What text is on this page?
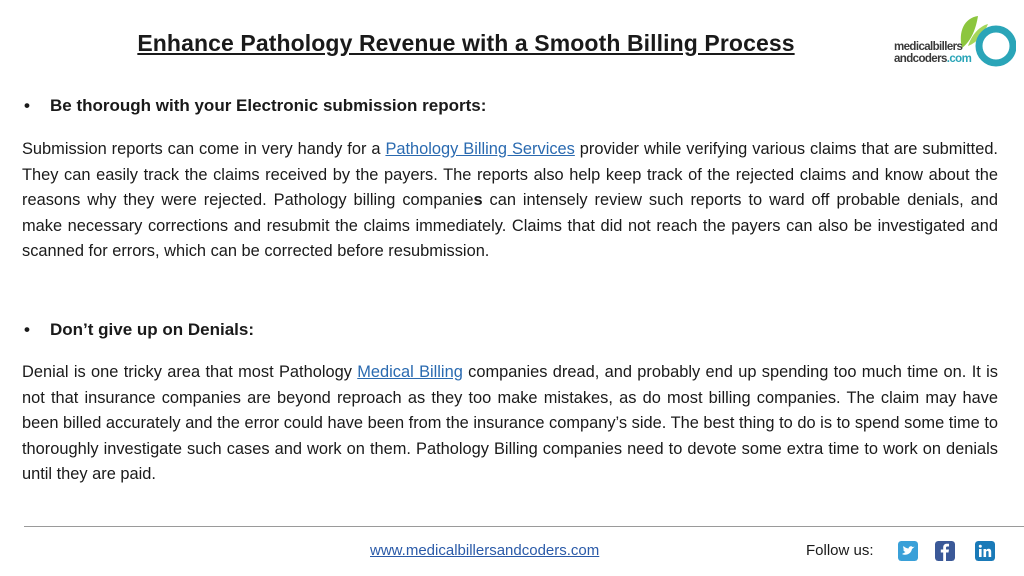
Enhance Pathology Revenue with a Smooth Billing Process	medicalbillers
andcoders.com
• Be thorough with your Electronic submission reports:
Submission reports can come in very handy for a Pathology Billing Services provider while verifying various claims that are submitted. They can easily track the claims received by the payers. The reports also help keep track of the rejected claims and know about the reasons why they were rejected. Pathology billing companies can intensely review such reports to ward off probable denials, and make necessary corrections and resubmit the claims immediately. Claims that did not reach the payers can also be investigated and scanned for errors, which can be corrected before resubmission.
• Don’t give up on Denials:
Denial is one tricky area that most Pathology Medical Billing companies dread, and probably end up spending too much time on. It is not that insurance companies are beyond reproach as they too make mistakes, as do most billing companies. The claim may have been billed accurately and the error could have been from the insurance company’s side. The best thing to do is to spend some time to thoroughly investigate such cases and work on them. Pathology Billing companies need to devote some extra time to work on denials until they are paid.
www.medicalbillersandcoders.com	Follow us:
